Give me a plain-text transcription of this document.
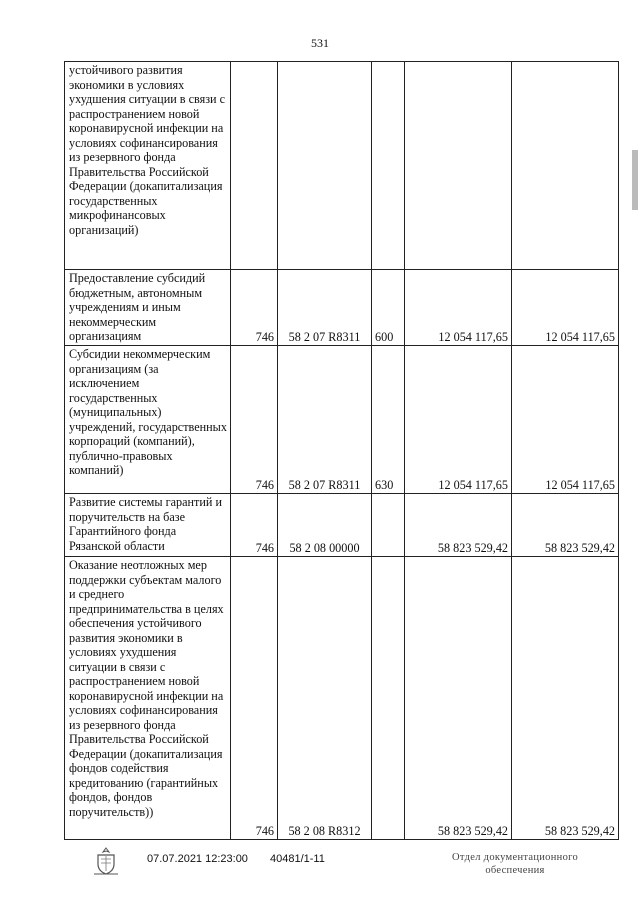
531
устойчивого развития экономики в условиях ухудшения ситуации в связи с распространением новой коронавирусной инфекции на условиях софинансирования из резервного фонда Правительства Российской Федерации (докапитализация государственных микрофинансовых организаций)					
Предоставление субсидий бюджетным, автономным учреждениям и иным некоммерческим организациям	746	58 2 07 R8311	600	12 054 117,65	12 054 117,65
Субсидии некоммерческим организациям (за исключением государственных (муниципальных) учреждений, государственных корпораций (компаний), публично-правовых компаний)	746	58 2 07 R8311	630	12 054 117,65	12 054 117,65
Развитие системы гарантий и поручительств на базе Гарантийного фонда Рязанской области	746	58 2 08 00000		58 823 529,42	58 823 529,42
Оказание неотложных мер поддержки субъектам малого и среднего предпринимательства в целях обеспечения устойчивого развития экономики в условиях ухудшения ситуации в связи с распространением новой коронавирусной инфекции на условиях софинансирования из резервного фонда Правительства Российской Федерации (докапитализация фондов содействия кредитованию (гарантийных фондов, фондов поручительств))	746	58 2 08 R8312		58 823 529,42	58 823 529,42
07.07.2021 12:23:00 40481/1-11	Отдел документационного
обеспечения
